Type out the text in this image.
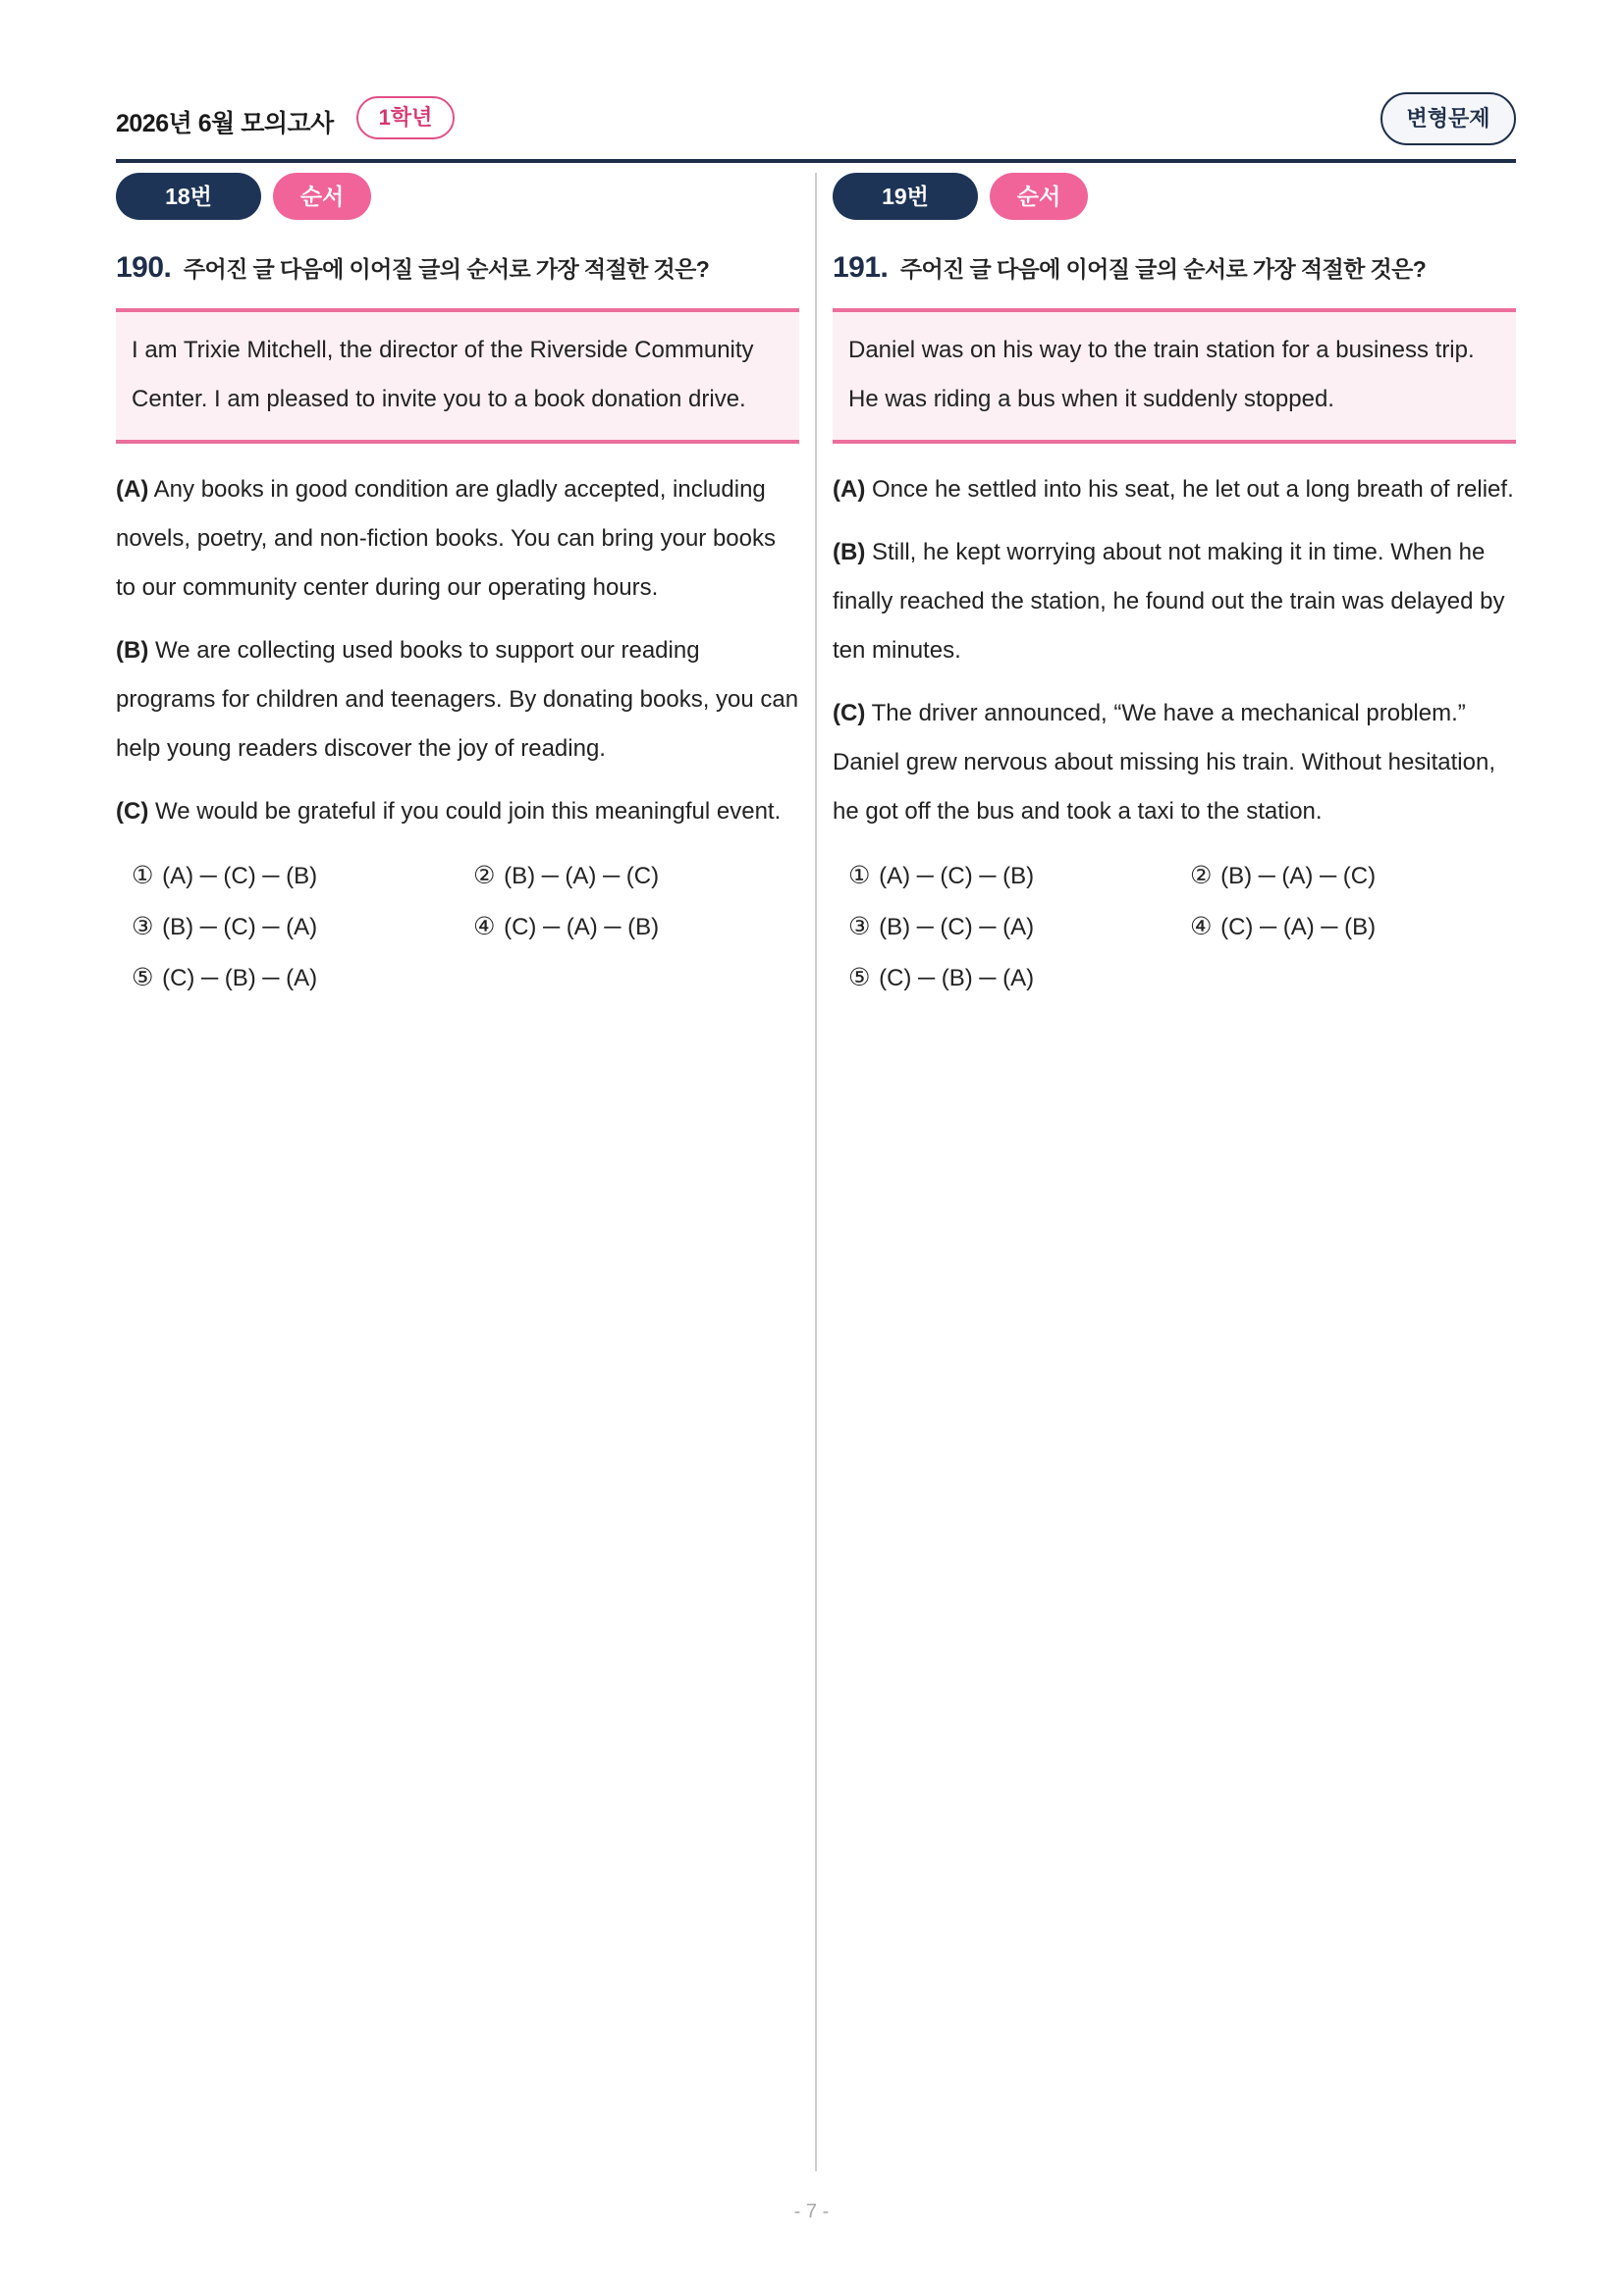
2026년 6월 모의고사	1학년	변형문제
18번	순서
190. 주어진 글 다음에 이어질 글의 순서로 가장 적절한 것은?
I am Trixie Mitchell, the director of the Riverside Community Center. I am pleased to invite you to a book donation drive.
(A) Any books in good condition are gladly accepted, including novels, poetry, and non-fiction books. You can bring your books to our community center during our operating hours.
(B) We are collecting used books to support our reading programs for children and teenagers. By donating books, you can help young readers discover the joy of reading.
(C) We would be grateful if you could join this meaningful event.
① (A) ─ (C) ─ (B)	② (B) ─ (A) ─ (C)
③ (B) ─ (C) ─ (A)	④ (C) ─ (A) ─ (B)
⑤ (C) ─ (B) ─ (A)
19번	순서
191. 주어진 글 다음에 이어질 글의 순서로 가장 적절한 것은?
Daniel was on his way to the train station for a business trip. He was riding a bus when it suddenly stopped.
(A) Once he settled into his seat, he let out a long breath of relief.
(B) Still, he kept worrying about not making it in time. When he finally reached the station, he found out the train was delayed by ten minutes.
(C) The driver announced, “We have a mechanical problem.” Daniel grew nervous about missing his train. Without hesitation, he got off the bus and took a taxi to the station.
① (A) ─ (C) ─ (B)	② (B) ─ (A) ─ (C)
③ (B) ─ (C) ─ (A)	④ (C) ─ (A) ─ (B)
⑤ (C) ─ (B) ─ (A)
- 7 -
